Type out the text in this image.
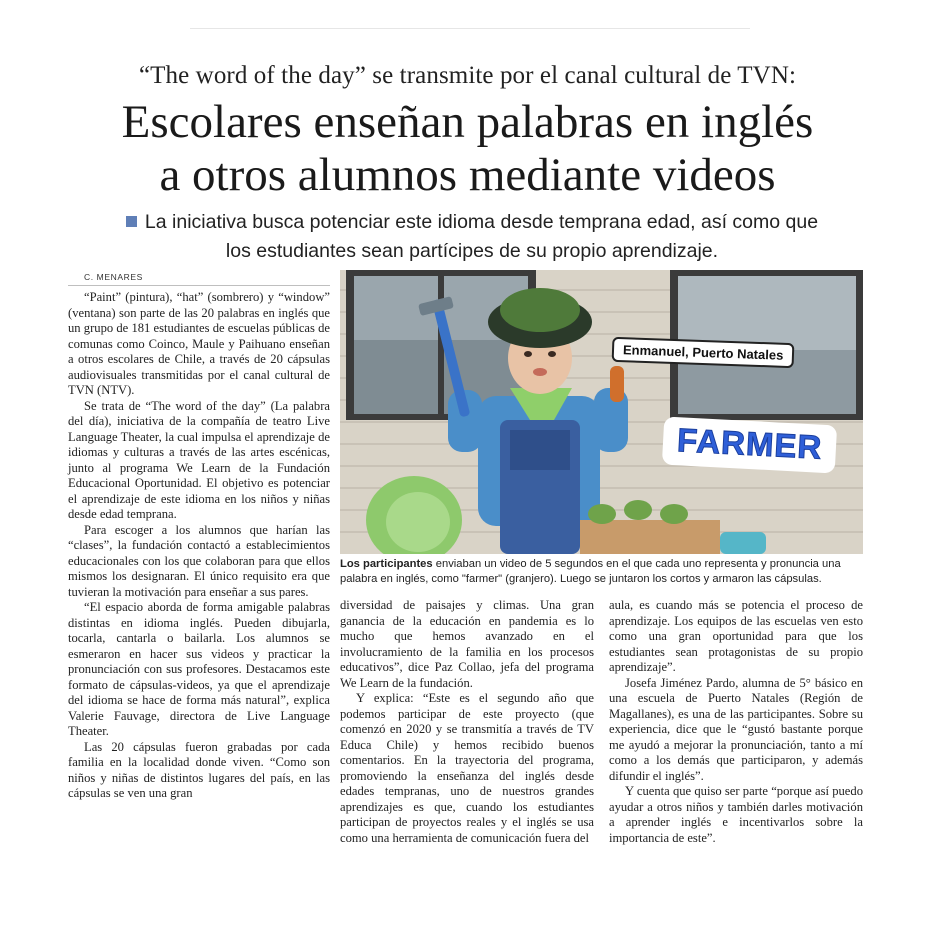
“The word of the day” se transmite por el canal cultural de TVN:
Escolares enseñan palabras en inglés
a otros alumnos mediante videos
La iniciativa busca potenciar este idioma desde temprana edad, así como que
los estudiantes sean partícipes de su propio aprendizaje.
C. MENARES

“Paint” (pintura), “hat” (sombrero) y “window” (ventana) son parte de las 20 palabras en inglés que un grupo de 181 estudiantes de escuelas públicas de comunas como Coinco, Maule y Paihuano enseñan a otros escolares de Chile, a través de 20 cápsulas audiovisuales transmitidas por el canal cultural de TVN (NTV).

Se trata de “The word of the day” (La palabra del día), iniciativa de la compañía de teatro Live Language Theater, la cual impulsa el aprendizaje de idiomas y culturas a través de las artes escénicas, junto al programa We Learn de la Fundación Educacional Oportunidad. El objetivo es potenciar el aprendizaje de este idioma en los niños y niñas desde edad temprana.

Para escoger a los alumnos que harían las “clases”, la fundación contactó a establecimientos educacionales con los que colaboran para que ellos mismos los designaran. El único requisito era que tuvieran la motivación para enseñar a sus pares.

“El espacio aborda de forma amigable palabras distintas en idioma inglés. Pueden dibujarla, tocarla, cantarla o bailarla. Los alumnos se esmeraron en hacer sus videos y practicar la pronunciación con sus profesores. Destacamos este formato de cápsulas-videos, ya que el aprendizaje del idioma se hace de forma más natural”, explica Valerie Fauvage, directora de Live Language Theater.

Las 20 cápsulas fueron grabadas por cada familia en la localidad donde viven. “Como son niños y niñas de distintos lugares del país, en las cápsulas se ven una gran

Enmanuel, Puerto Natales
FARMER
Los participantes enviaban un video de 5 segundos en el que cada uno representa y pronuncia una palabra en inglés, como "farmer" (granjero). Luego se juntaron los cortos y armaron las cápsulas.

diversidad de paisajes y climas. Una gran ganancia de la educación en pandemia es lo mucho que hemos avanzado en el involucramiento de la familia en los procesos educativos”, dice Paz Collao, jefa del programa We Learn de la fundación.

Y explica: “Este es el segundo año que podemos participar de este proyecto (que comenzó en 2020 y se transmitía a través de TV Educa Chile) y hemos recibido buenos comentarios. En la trayectoria del programa, promoviendo la enseñanza del inglés desde edades tempranas, uno de nuestros grandes aprendizajes es que, cuando los estudiantes participan de proyectos reales y el inglés se usa como una herramienta de comunicación fuera del

aula, es cuando más se potencia el proceso de aprendizaje. Los equipos de las escuelas ven esto como una gran oportunidad para que los estudiantes sean protagonistas de su propio aprendizaje”.

Josefa Jiménez Pardo, alumna de 5° básico en una escuela de Puerto Natales (Región de Magallanes), es una de las participantes. Sobre su experiencia, dice que le “gustó bastante porque me ayudó a mejorar la pronunciación, tanto a mí como a los demás que participaron, y además difundir el inglés”.

Y cuenta que quiso ser parte “porque así puedo ayudar a otros niños y también darles motivación a aprender inglés e incentivarlos sobre la importancia de este”.
